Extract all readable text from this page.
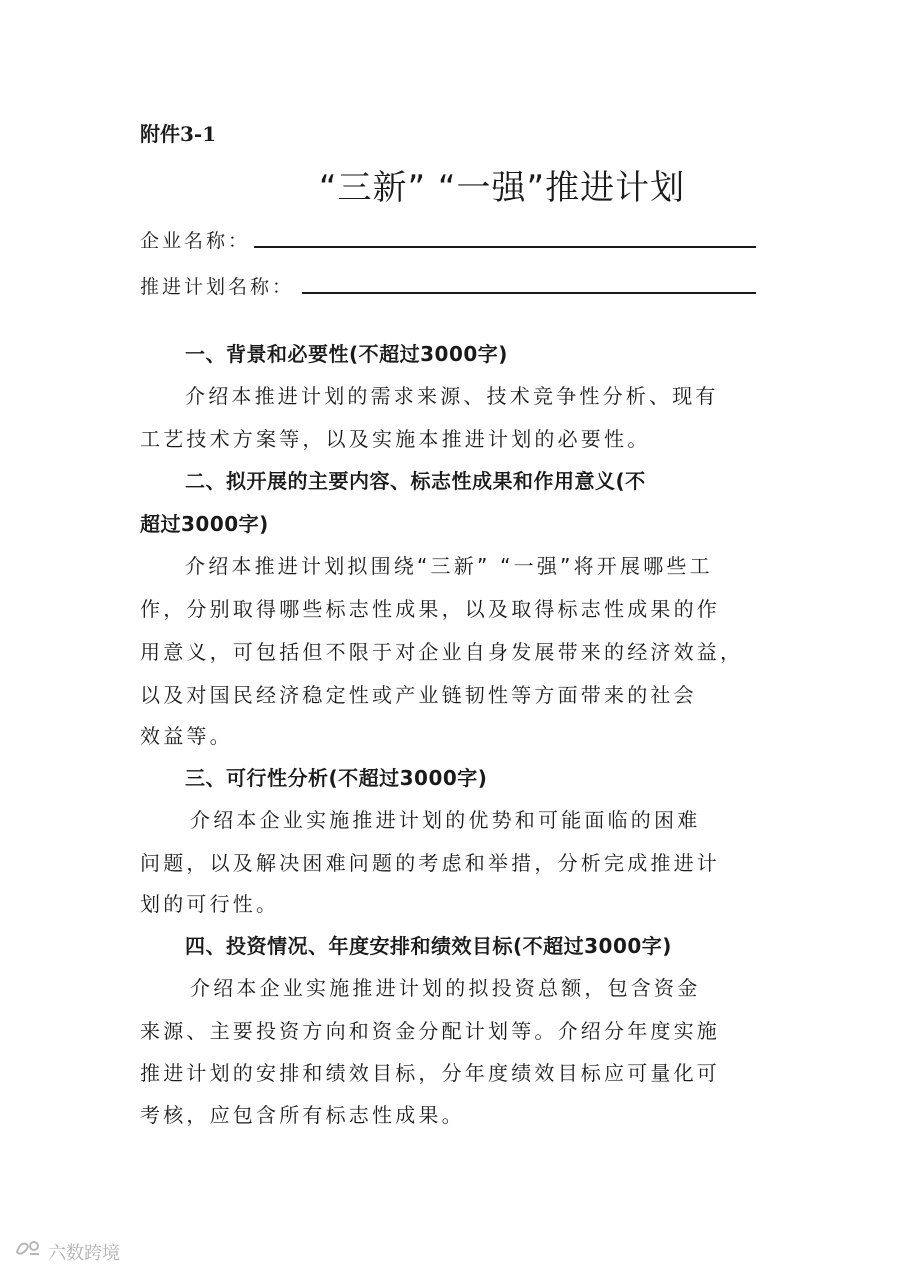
附件3-1
“三新” “一强”推进计划
企业名称：
推进计划名称：
一、背景和必要性(不超过3000字)
介绍本推进计划的需求来源、技术竞争性分析、现有
工艺技术方案等，以及实施本推进计划的必要性。
二、拟开展的主要内容、标志性成果和作用意义(不
超过3000字)
介绍本推进计划拟围绕“三新” “一强”将开展哪些工
作，分别取得哪些标志性成果，以及取得标志性成果的作
用意义，可包括但不限于对企业自身发展带来的经济效益，
以及对国民经济稳定性或产业链韧性等方面带来的社会
效益等。
三、可行性分析(不超过3000字)
介绍本企业实施推进计划的优势和可能面临的困难
问题，以及解决困难问题的考虑和举措，分析完成推进计
划的可行性。
四、投资情况、年度安排和绩效目标(不超过3000字)
介绍本企业实施推进计划的拟投资总额，包含资金
来源、主要投资方向和资金分配计划等。介绍分年度实施
推进计划的安排和绩效目标，分年度绩效目标应可量化可
考核，应包含所有标志性成果。
六数跨境
